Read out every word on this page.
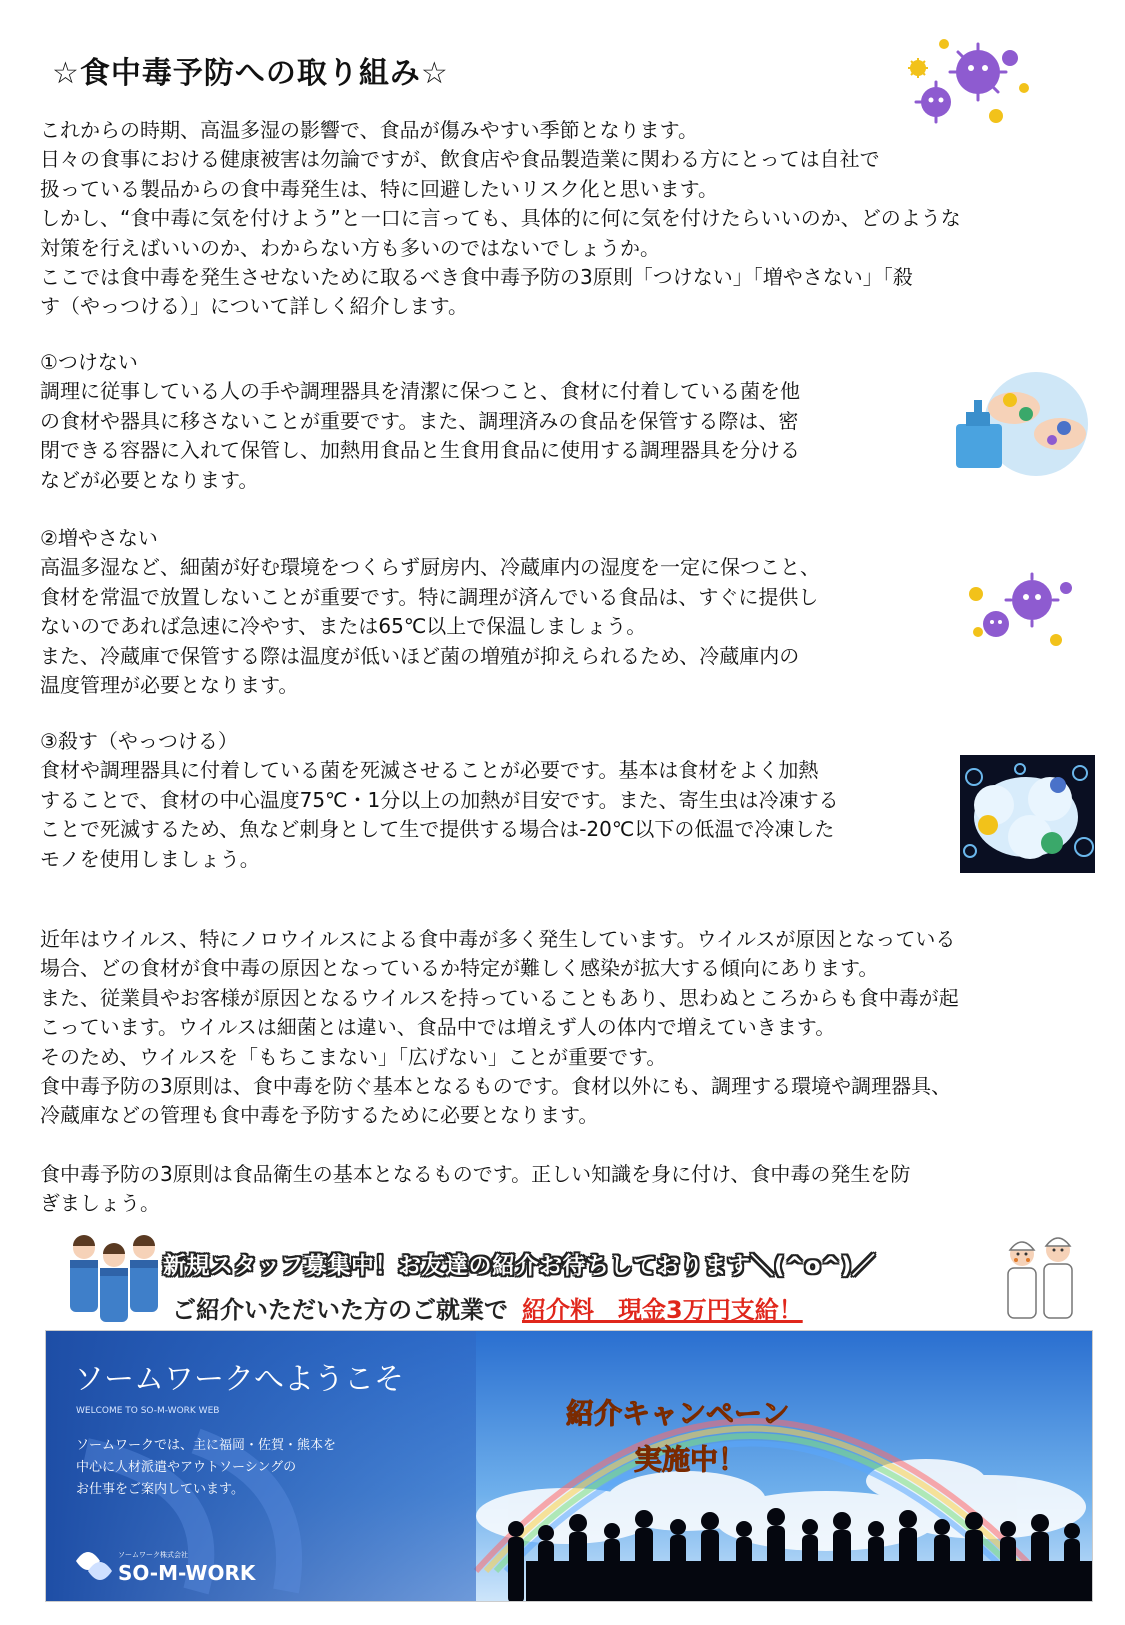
☆食中毒予防への取り組み☆
これからの時期、高温多湿の影響で、食品が傷みやすい季節となります。
日々の食事における健康被害は勿論ですが、飲食店や食品製造業に関わる方にとっては自社で
扱っている製品からの食中毒発生は、特に回避したいリスク化と思います。
しかし、“食中毒に気を付けよう”と一口に言っても、具体的に何に気を付けたらいいのか、どのような
対策を行えばいいのか、わからない方も多いのではないでしょうか。
ここでは食中毒を発生させないために取るべき食中毒予防の3原則「つけない」「増やさない」「殺
す（やっつける）」について詳しく紹介します。
①つけない
調理に従事している人の手や調理器具を清潔に保つこと、食材に付着している菌を他
の食材や器具に移さないことが重要です。また、調理済みの食品を保管する際は、密
閉できる容器に入れて保管し、加熱用食品と生食用食品に使用する調理器具を分ける
などが必要となります。
②増やさない
高温多湿など、細菌が好む環境をつくらず厨房内、冷蔵庫内の湿度を一定に保つこと、
食材を常温で放置しないことが重要です。特に調理が済んでいる食品は、すぐに提供し
ないのであれば急速に冷やす、または65℃以上で保温しましょう。
また、冷蔵庫で保管する際は温度が低いほど菌の増殖が抑えられるため、冷蔵庫内の
温度管理が必要となります。
③殺す（やっつける）
食材や調理器具に付着している菌を死滅させることが必要です。基本は食材をよく加熱
することで、食材の中心温度75℃・1分以上の加熱が目安です。また、寄生虫は冷凍する
ことで死滅するため、魚など刺身として生で提供する場合は-20℃以下の低温で冷凍した
モノを使用しましょう。
近年はウイルス、特にノロウイルスによる食中毒が多く発生しています。ウイルスが原因となっている
場合、どの食材が食中毒の原因となっているか特定が難しく感染が拡大する傾向にあります。
また、従業員やお客様が原因となるウイルスを持っていることもあり、思わぬところからも食中毒が起
こっています。ウイルスは細菌とは違い、食品中では増えず人の体内で増えていきます。
そのため、ウイルスを「もちこまない」「広げない」ことが重要です。
食中毒予防の3原則は、食中毒を防ぐ基本となるものです。食材以外にも、調理する環境や調理器具、
冷蔵庫などの管理も食中毒を予防するために必要となります。
食中毒予防の3原則は食品衛生の基本となるものです。正しい知識を身に付け、食中毒の発生を防
ぎましょう。
新規スタッフ募集中！お友達の紹介お待ちしております＼(^o^)／
ご紹介いただいた方のご就業で 紹介料　現金3万円支給！
ソームワークへようこそ
WELCOME TO SO-M-WORK WEB
ソームワークでは、主に福岡・佐賀・熊本を
中心に人材派遣やアウトソーシングの
お仕事をご案内しています。
紹介キャンペーン
実施中！
ソームワーク株式会社
SO-M-WORK
